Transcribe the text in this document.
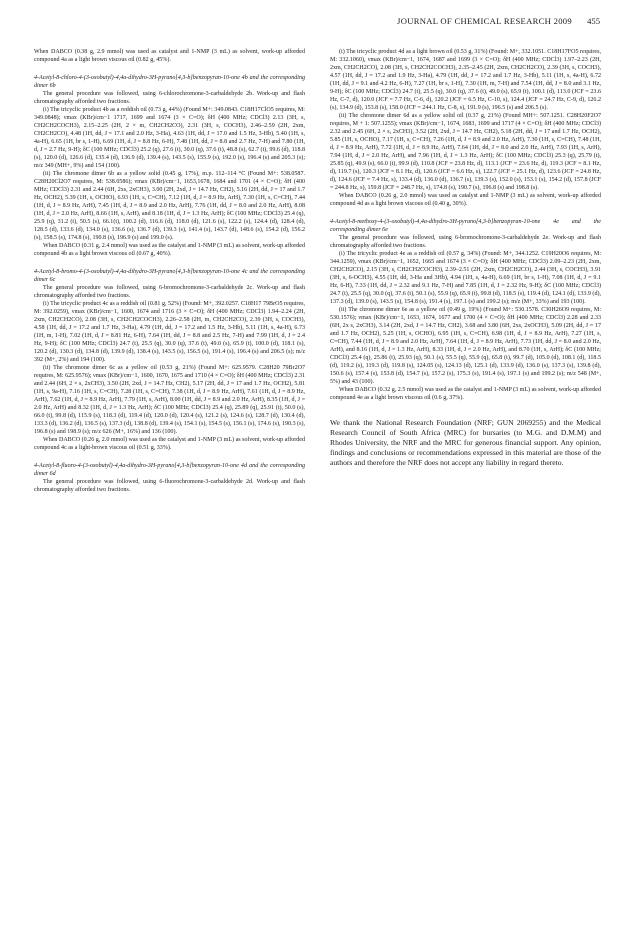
JOURNAL OF CHEMICAL RESEARCH 2009 455

When DABCO (0.38 g, 2.9 mmol) was used as catalyst and 1-NMP (3 mL) as solvent, work-up afforded compound 4a as a light brown viscous oil (0.82 g, 45%).

4-Acetyl-8-chloro-4-(3-oxobutyl)-4,4a-dihydro-3H-pyrano[4,3-b]benzopyran-10-one 4b and the corresponding dimer 6b

The general procedure was followed, using 6-chlorochromone-3-carbaldehyde 2b. Work-up and flash chromatography afforded two fractions.

(i) The tricyclic product 4b as a reddish oil (0.73 g, 44%) (Found M+: 349.0843. C18H17ClO5 requires, M: 349.0848); νmax (KBr)/cm−1 1717, 1699 and 1674 (3 × C=O); δH (400 MHz; CDCl3) 2.13 (3H, s, CH2CH2COCH3), 2.15–2.25 (2H, 2 × m, CH2CH2CO), 2.31 (3H, s, COCH3), 2.46–2.59 (2H, 2xm, CH2CH2CO), 4.48 (1H, dd, J = 17.1 and 2.0 Hz, 3-Ha), 4.63 (1H, dd, J = 17.0 and 1.5 Hz, 3-Hb), 5.40 (1H, s, 4a-H), 6.65 (1H, br s, 1-H), 6.69 (1H, d, J = 8.8 Hz, 6-H), 7.48 (1H, dd, J = 8.8 and 2.7 Hz, 7-H) and 7.80 (1H, d, J = 2.7 Hz, 9-H); δC (100 MHz; CDCl3) 25.2 (q), 27.6 (t), 30.0 (q), 37.6 (t), 48.8 (s), 62.7 (t), 99.6 (d), 118.8 (s), 120.0 (d), 126.6 (d), 135.4 (d), 136.9 (d), 139.4 (s), 143.5 (s), 155.9 (s), 192.0 (s), 196.4 (s) and 205.3 (s); m/z 349 (MH+, 9%) and 154 (100).

(ii) The chromone dimer 6b as a yellow solid (0.45 g, 17%), m.p. 112–114 °C (Found M+: 538.0587. C28H20Cl2O7 requires, M: 538.0586); νmax (KBr)/cm−1, 1653,1678, 1684 and 1701 (4 × C=O); δH (400 MHz; CDCl3) 2.31 and 2.44 (6H, 2xs, 2xCH3), 3.00 (2H, 2xd, J = 14.7 Hz, CH2), 5.16 (2H, dd, J = 17 and 1.7 Hz, OCH2), 5.39 (1H, s, OCHO), 6.93 (1H, s, C=CH), 7.12 (1H, d, J = 8.9 Hz, ArH), 7.30 (1H, s, C=CH), 7.44 (1H, d, J = 8.9 Hz, ArH), 7.45 (1H, d, J = 8.9 and 2.0 Hz, ArH), 7.76 (1H, dd, J = 8.0 and 2.0 Hz, ArH), 8.08 (1H, d, J = 2.0 Hz, ArH), 8.66 (1H, s, ArH), and 8.18 (1H, d, J = 1.3 Hz, ArH); δC (100 MHz; CDCl3) 25.4 (q), 25.9 (q), 31.2 (t), 50.5 (s), 66.1(t), 100.2 (d), 116.6 (d), 118.0 (d), 121.6 (s), 122.2 (s), 124.4 (d), 128.4 (d), 128.5 (d), 133.6 (d), 134.0 (s), 136.6 (s), 136.7 (d), 139.3 (s), 141.4 (s), 143.7 (d), 148.6 (s), 154.2 (d), 156.2 (s), 158.5 (s), 174.8 (s), 190.8 (s), 196.9 (s) and 199.0 (s).

When DABCO (0.31 g, 2.4 mmol) was used as the catalyst and 1-NMP (3 mL) as solvent, work-up afforded compound 4b as a light brown viscous oil (0.67 g, 40%).

4-Acetyl-8-bromo-4-(3-oxobutyl)-4,4a-dihydro-3H-pyrano[4,3-b]benzopyran-10-one 4c and the corresponding dimer 6c

The general procedure was followed, using 6-bromochromone-3-carbaldehyde 2c. Work-up and flash chromatography afforded two fractions.

(i) The tricyclic product 4c as a reddish oil (0.81 g, 52%) (Found: M+, 392.0257. C18H17 79BrO5 requires, M: 392.0259), νmax (KBr)/cm−1, 1600, 1674 and 1716 (3 × C=O); δH (400 MHz; CDCl3) 1.94–2.24 (2H, 2xm, CH2CH2CO), 2.08 (3H, s, CH2CH2COCH3), 2.26–2.58 (2H, m, CH2CH2CO), 2.39 (3H, s, COCH3), 4.58 (1H, dd, J = 17.2 and 1.7 Hz, 3-Ha), 4.79 (1H, dd, J = 17.2 and 1.5 Hz, 3-Hb), 5.11 (1H, s, 4a-H), 6.73 (1H, m, 1-H), 7.02 (1H, d, J = 8.81 Hz, 6-H), 7.64 (1H, dd, J = 8.8 and 2.5 Hz, 7-H) and 7.99 (1H, d, J = 2.4 Hz, 9-H); δC (100 MHz; CDCl3) 24.7 (t), 25.5 (q), 30.0 (q), 37.6 (t), 49.0 (s), 65.9 (t), 100.0 (d), 118.1 (s), 120.2 (d), 130.3 (d), 134.8 (d), 139.9 (d), 138.4 (s), 143.5 (s), 156.5 (s), 191.4 (s), 196.4 (s) and 206.5 (s); m/z 392 (M+, 2%) and 194 (100).

(ii) The chromone dimer 6c as a yellow oil (0.53 g, 21%) (Found M+: 625.9579. C28H20 79Br2O7 requires, M: 625.9576); νmax (KBr)/cm−1, 1600, 1670, 1675 and 1710 (4 × C=O); δH (400 MHz; CDCl3) 2.31 and 2.44 (6H, 2 × s, 2xCH3), 3.50 (2H, 2xd, J = 14.7 Hz, CH2), 5.17 (2H, dd, J = 17 and 1.7 Hz, OCH2), 5.81 (1H, s, 9a-H), 7.16 (1H, s, C=CH), 7.28 (1H, s, C=CH), 7.38 (1H, d, J = 8.9 Hz, ArH), 7.61 (1H, d, J = 8.9 Hz, ArH), 7.62 (1H, d, J = 8.9 Hz, ArH), 7.79 (1H, s, ArH), 8.00 (1H, dd, J = 8.9 and 2.0 Hz, ArH), 8.35 (1H, d, J = 2.0 Hz, ArH) and 8.32 (1H, d, J = 1.3 Hz, ArH); δC (100 MHz; CDCl3) 25.4 (q), 25.89 (q), 25.91 (t), 50.0 (s), 66.0 (t), 99.8 (d), 115.9 (s), 118.3 (d), 119.4 (d), 120.0 (d), 120.4 (s), 121.2 (s), 124.6 (s), 128.7 (d), 130.4 (d), 133.3 (d), 136.2 (d), 136.5 (s), 137.3 (d), 138.8 (d), 139.4 (s), 154.1 (s), 154.5 (s), 156.1 (s), 174.6 (s), 190.3 (s), 196.8 (s) and 198.9 (s); m/z 626 (M+, 16%) and 136 (100).

When DABCO (0.26 g, 2.0 mmol) was used as the catalyst and 1-NMP (3 mL) as solvent, work-up afforded compound 4c as a light-brown viscous oil (0.51 g, 33%).

4-Acetyl-8-fluoro-4-(3-oxobutyl)-4,4a-dihydro-3H-pyrano[4,3-b]benzopyran-10-one 4d and the corresponding dimer 6d

The general procedure was followed, using 6-fluorochromone-3-carbaldehyde 2d. Work-up and flash chromatography afforded two fractions.

(i) The tricyclic product 4d as a light brown oil (0.53 g, 31%) (Found: M+, 332.1051. C18H17FO5 requires, M: 332.1060), νmax (KBr)/cm−1, 1674, 1687 and 1699 (3 × C=O); δH (400 MHz; CDCl3) 1.97–2.23 (2H, 2xm, CH2CH2CO), 2.08 (3H, s, CH2CH2COCH3), 2.35–2.45 (2H, 2xm, CH2CH2CO), 2.39 (3H, s, COCH3), 4.57 (1H, dd, J = 17.2 and 1.9 Hz, 3-Ha), 4.79 (1H, dd, J = 17.2 and 1.7 Hz, 3-Hb), 5.11 (1H, s, 4a-H), 6.72 (1H, dd, J = 9.1 and 4.2 Hz, 6-H), 7.27 (1H, br s, 1-H), 7.30 (1H, m, 7-H) and 7.54 (1H, dd, J = 8.0 and 3.1 Hz, 9-H); δC (100 MHz; CDCl3) 24.7 (t), 25.5 (q), 30.0 (q), 37.6 (t), 49.0 (s), 65.9 (t), 100.1 (d), 113.0 (JCF = 23.6 Hz, C-7, d), 120.0 (JCF = 7.7 Hz, C-6, d), 120.2 (JCF = 6.5 Hz, C-10, s), 124.4 (JCF = 24.7 Hz, C-9, d), 126.2 (s), 134.9 (d), 153.8 (s), 158.0 (JCF = 244.1 Hz, C-8, s), 191.9 (s), 196.5 (s) and 206.5 (s).

(ii) The chromone dimer 6d as a yellow solid oil (0.37 g, 21%) (Found MH+: 507.1251. C28H20F2O7 requires, M + 1: 507.1255); νmax (KBr)/cm−1, 1674, 1683, 1699 and 1717 (4 × C=O); δH (400 MHz; CDCl3) 2.32 and 2.45 (6H, 2 × s, 2xCH3), 3.52 (2H, 2xd, J = 14.7 Hz, CH2), 5.18 (2H, dd, J = 17 and 1.7 Hz, OCH2), 5.85 (1H, s, OCHO), 7.17 (1H, s, C=CH), 7.26 (1H, d, J = 8.9 and 2.0 Hz, ArH), 7.30 (1H, s, C=CH), 7.48 (1H, d, J = 8.9 Hz, ArH), 7.72 (1H, d, J = 8.9 Hz, ArH), 7.64 (1H, dd, J = 8.0 and 2.0 Hz, ArH), 7.93 (1H, s, ArH), 7.94 (1H, d, J = 2.0 Hz, ArH), and 7.96 (1H, d, J = 1.3 Hz, ArH); δC (100 MHz; CDCl3) 25.3 (q), 25.79 (t), 25.85 (q), 49.9 (s), 66.0 (t), 99.9 (d), 110.8 (JCF = 23.8 Hz, d), 113.1 (JCF = 23.6 Hz, d), 119.3 (JCF = 8.1 Hz, d), 119.7 (s), 120.3 (JCF = 8.1 Hz, d), 120.6 (JCF = 6.6 Hz, s), 122.7 (JCF = 25.1 Hz, d), 123.6 (JCF = 24.8 Hz, d), 124.6 (JCF = 7.4 Hz, s), 133.4 (d), 136.0 (d), 136.7 (s), 139.3 (s), 152.0 (s), 153.1 (s), 154.2 (d), 157.8 (JCF = 244.8 Hz, s), 159.8 (JCF = 248.7 Hz, s), 174.8 (s), 190.7 (s), 196.8 (s) and 198.8 (s).

When DABCO (0.26 g, 2.0 mmol) was used as catalyst and 1-NMP (3 mL) as solvent, work-up afforded compound 4d as a light brown viscous oil (0.40 g, 30%).

4-Acetyl-8-methoxy-4-(3-oxobutyl)-4,4a-dihydro-3H-pyrano[4,3-b]benzopyran-10-one 4e and the corresponding dimer 6e

The general procedure was followed, using 6-bromochromone-3-carbaldehyde 2e. Work-up and flash chromatography afforded two fractions.

(i) The tricyclic product 4e as a reddish oil (0.57 g, 34%) (Found: M+, 344.1252. C19H20O6 requires, M: 344.1259), νmax (KBr)/cm−1, 1652, 1665 and 1674 (3 × C=O); δH (400 MHz; CDCl3) 2.09–2.23 (2H, 2xm, CH2CH2CO), 2.15 (3H, s, CH2CH2COCH3), 2.39–2.51 (2H, 2xm, CH2CH2CO), 2.44 (3H, s, COCH3), 3.91 (3H, s, 6-OCH3), 4.55 (1H, dd, 3-Ha and 3Hb), 4.94 (1H, s, 4a-H), 6.69 (1H, br s, 1-H), 7.08 (1H, d, J = 9.1 Hz, 6-H), 7.33 (1H, dd, J = 2.32 and 9.1 Hz, 7-H) and 7.85 (1H, d, J = 2.32 Hz, 9-H); δC (100 MHz; CDCl3) 24.7 (t), 25.5 (q), 30.0 (q), 37.6 (t), 50.1 (s), 55.9 (q), 65.9 (t), 99.8 (d), 118.5 (s), 119.4 (d), 124.1 (d), 133.9 (d), 137.3 (d), 139.0 (s), 143.5 (s), 154.8 (s), 191.4 (s), 197.1 (s) and 199.2 (s); m/z (M+, 33%) and 193 (100).

(ii) The chromone dimer 6e as a yellow oil (0.49 g, 19%) (Found M+: 530.1578. C30H26O9 requires, M: 530.1576); νmax (KBr)/cm−1, 1653, 1674, 1677 and 1700 (4 × C=O); δH (400 MHz; CDCl3) 2.28 and 2.33 (6H, 2x s, 2xCH3), 3.14 (2H, 2xd, J = 14.7 Hz, CH2), 3.68 and 3.80 (6H, 2xs, 2xOCH3), 5.09 (2H, dd, J = 17 and 1.7 Hz, OCH2), 5.25 (1H, s, OCHO), 6.95 (1H, s, C=CH), 6.98 (1H, d, J = 8.9 Hz, ArH), 7.27 (1H, s, C=CH), 7.44 (1H, d, J = 8.9 and 2.0 Hz, ArH), 7.64 (1H, d, J = 8.9 Hz, ArH), 7.73 (1H, dd, J = 8.0 and 2.0 Hz, ArH), and 8.16 (1H, d, J = 1.3 Hz, ArH), 8.33 (1H, d, J = 2.0 Hz, ArH), and 8.70 (1H, s, ArH); δC (100 MHz; CDCl3) 25.4 (q), 25.86 (t), 25.93 (q), 50.1 (s), 55.5 (q), 55.9 (q), 65.8 (t), 99.7 (d), 105.0 (d), 108.1 (d), 118.5 (d), 119.2 (s), 119.3 (d), 119.8 (s), 124.05 (s), 124.13 (d), 125.1 (d), 133.9 (d), 136.0 (s), 137.3 (s), 139.8 (d), 150.6 (s), 157.4 (s), 153.8 (d), 154.7 (s), 157.2 (s), 175.3 (s), 191.4 (s), 197.1 (s) and 199.2 (s); m/z 548 (M+, 5%) and 43 (100).

When DABCO (0.32 g, 2.5 mmol) was used as the catalyst and 1-NMP (3 mL) as solvent, work-up afforded compound 4e as a light brown viscous oil (0.6 g, 37%).

We thank the National Research Foundation (NRF; GUN 2069255) and the Medical Research Council of South Africa (MRC) for bursaries (to M.G. and D.M.M) and Rhodes University, the NRF and the MRC for generous financial support. Any opinion, findings and conclusions or recommendations expressed in this material are those of the authors and therefore the NRF does not accept any liability in regard thereto.
